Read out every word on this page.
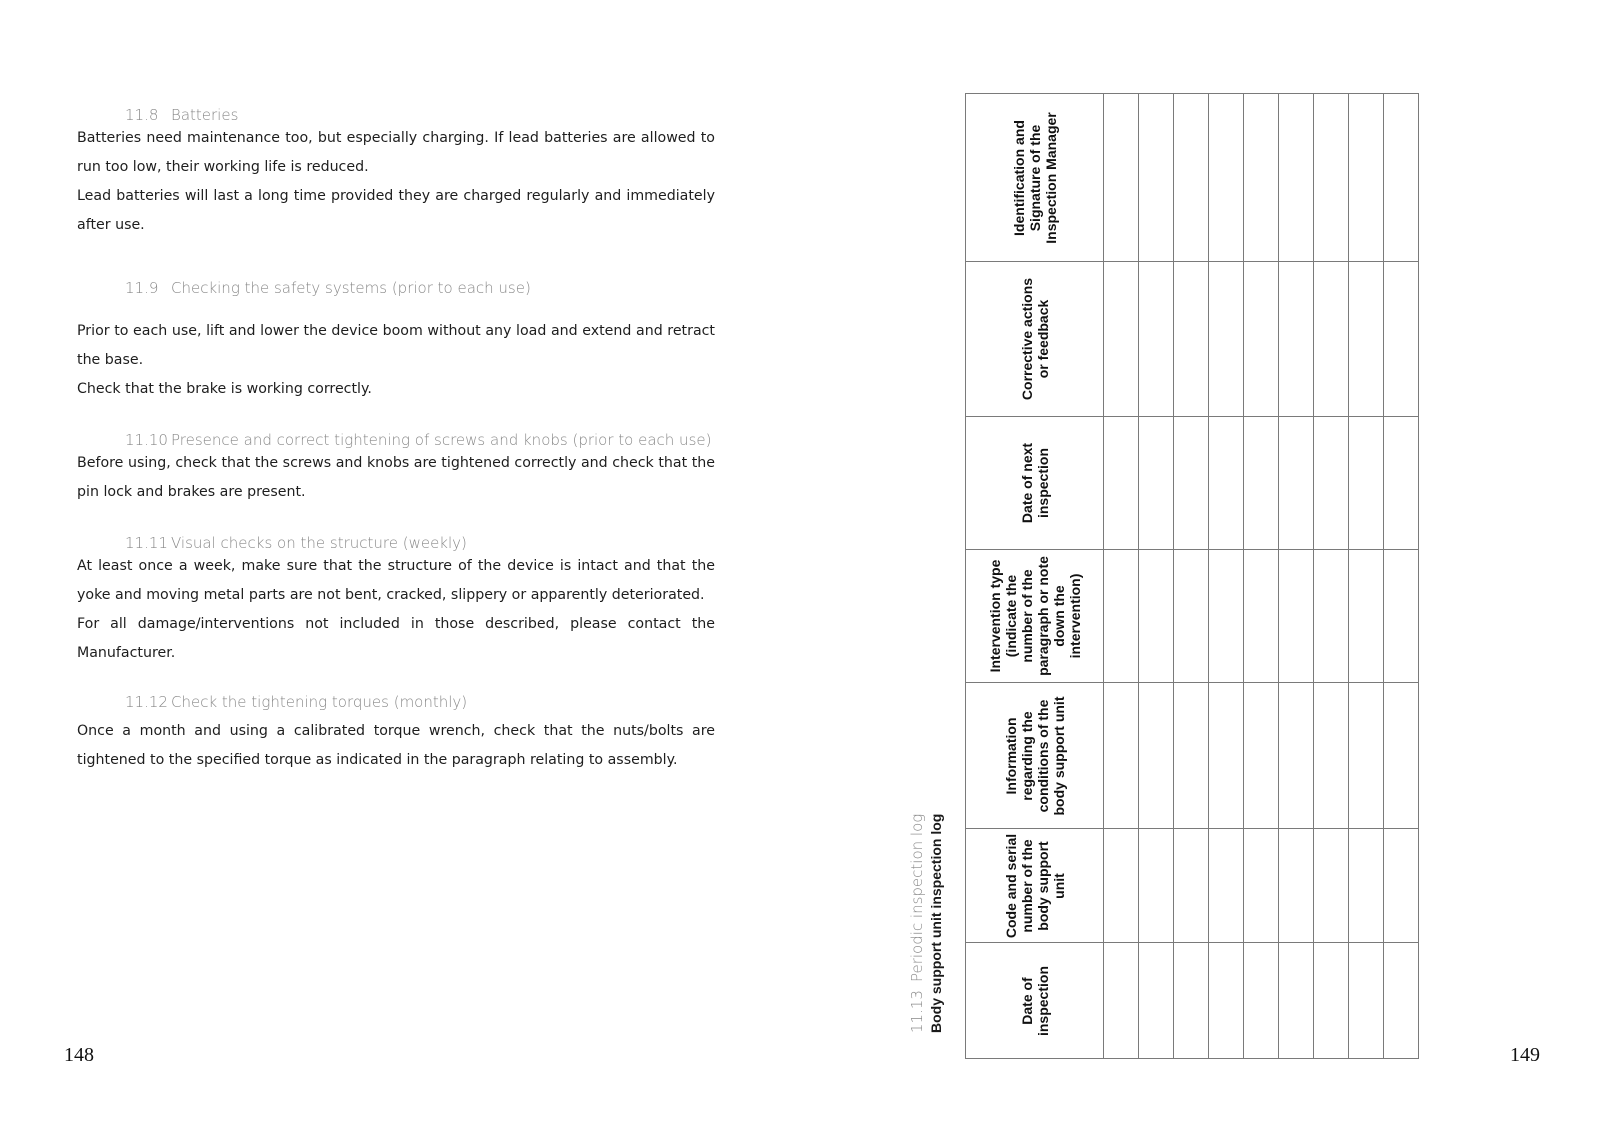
11.8 Batteries

Batteries need maintenance too, but especially charging. If lead batteries are allowed to run too low, their working life is reduced.

Lead batteries will last a long time provided they are charged regularly and immediately after use.

11.9 Checking the safety systems (prior to each use)

Prior to each use, lift and lower the device boom without any load and extend and retract the base.

Check that the brake is working correctly.

11.10 Presence and correct tightening of screws and knobs (prior to each use)

Before using, check that the screws and knobs are tightened correctly and check that the pin lock and brakes are present.

11.11 Visual checks on the structure (weekly)

At least once a week, make sure that the structure of the device is intact and that the yoke and moving metal parts are not bent, cracked, slippery or apparently deteriorated.

For all damage/interventions not included in those described, please contact the Manufacturer.

11.12 Check the tightening torques (monthly)

Once a month and using a calibrated torque wrench, check that the nuts/bolts are tightened to the specified torque as indicated in the paragraph relating to assembly.

148
11.13Periodic inspection log Body support unit inspection log
Identification and Signature of the Inspection Manager
Corrective actions or feedback
Date of next inspection
Intervention type (indicate the number of the paragraph or note down the intervention)
Information regarding the conditions of the body support unit
Code and serial number of the body support unit
Date of inspection
149
